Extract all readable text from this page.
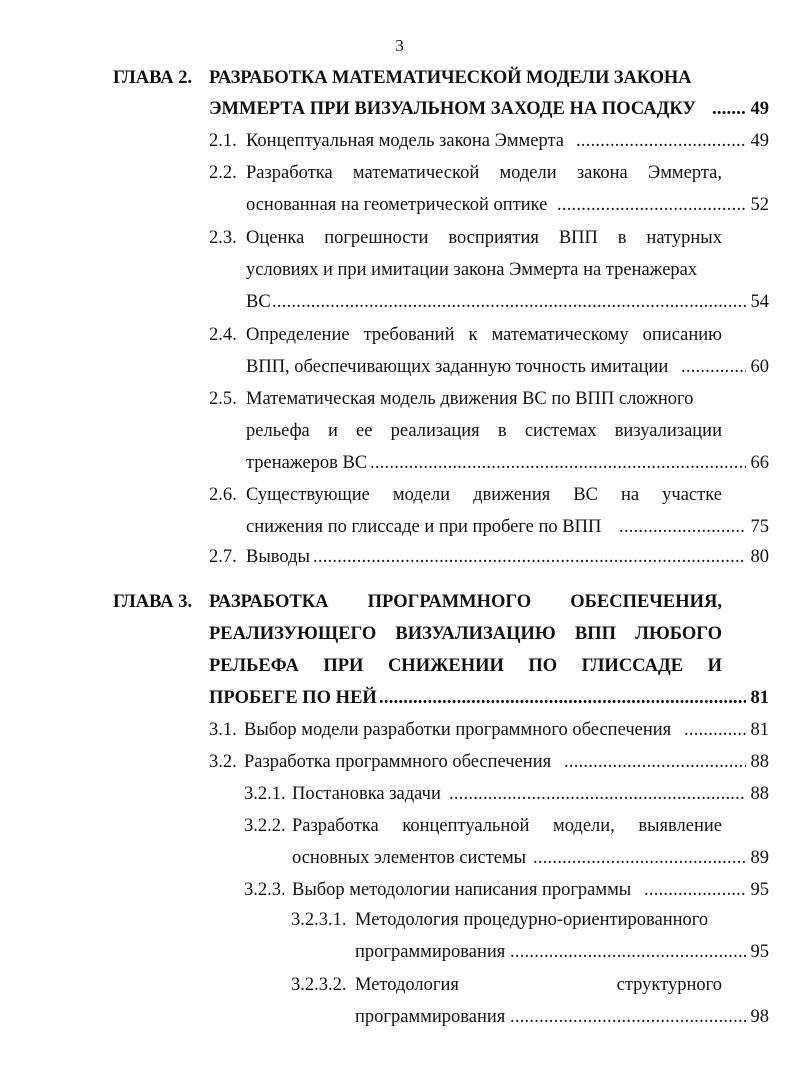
3
ГЛАВА 2. РАЗРАБОТКА МАТЕМАТИЧЕСКОЙ МОДЕЛИ ЗАКОНА
ЭММЕРТА ПРИ ВИЗУАЛЬНОМ ЗАХОДЕ НА ПОСАДКУ . . .	49
2.1. Концептуальная модель закона Эммерта . . .	49
2.2. Разработка математической модели закона Эммерта,
основанная на геометрической оптике . . .	52
2.3. Оценка погрешности восприятия ВПП в натурных
условиях и при имитации закона Эммерта на тренажерах
ВС . . .	54
2.4. Определение требований к математическому описанию
ВПП, обеспечивающих заданную точность имитации . . .	60
2.5. Математическая модель движения ВС по ВПП сложного
рельефа и ее реализация в системах визуализации
тренажеров ВС . . .	66
2.6. Существующие модели движения ВС на участке
снижения по глиссаде и при пробеге по ВПП . . .	75
2.7. Выводы . . .	80
ГЛАВА 3. РАЗРАБОТКА ПРОГРАММНОГО ОБЕСПЕЧЕНИЯ,
РЕАЛИЗУЮЩЕГО ВИЗУАЛИЗАЦИЮ ВПП ЛЮБОГО
РЕЛЬЕФА ПРИ СНИЖЕНИИ ПО ГЛИССАДЕ И
ПРОБЕГЕ ПО НЕЙ . . .	81
3.1. Выбор модели разработки программного обеспечения . . .	81
3.2. Разработка программного обеспечения . . .	88
3.2.1. Постановка задачи . . .	88
3.2.2. Разработка концептуальной модели, выявление
основных элементов системы . . .	89
3.2.3. Выбор методологии написания программы . . .	95
3.2.3.1. Методология процедурно-ориентированного
программирования . . .	95
3.2.3.2. Методология	структурного
программирования . . .	98
